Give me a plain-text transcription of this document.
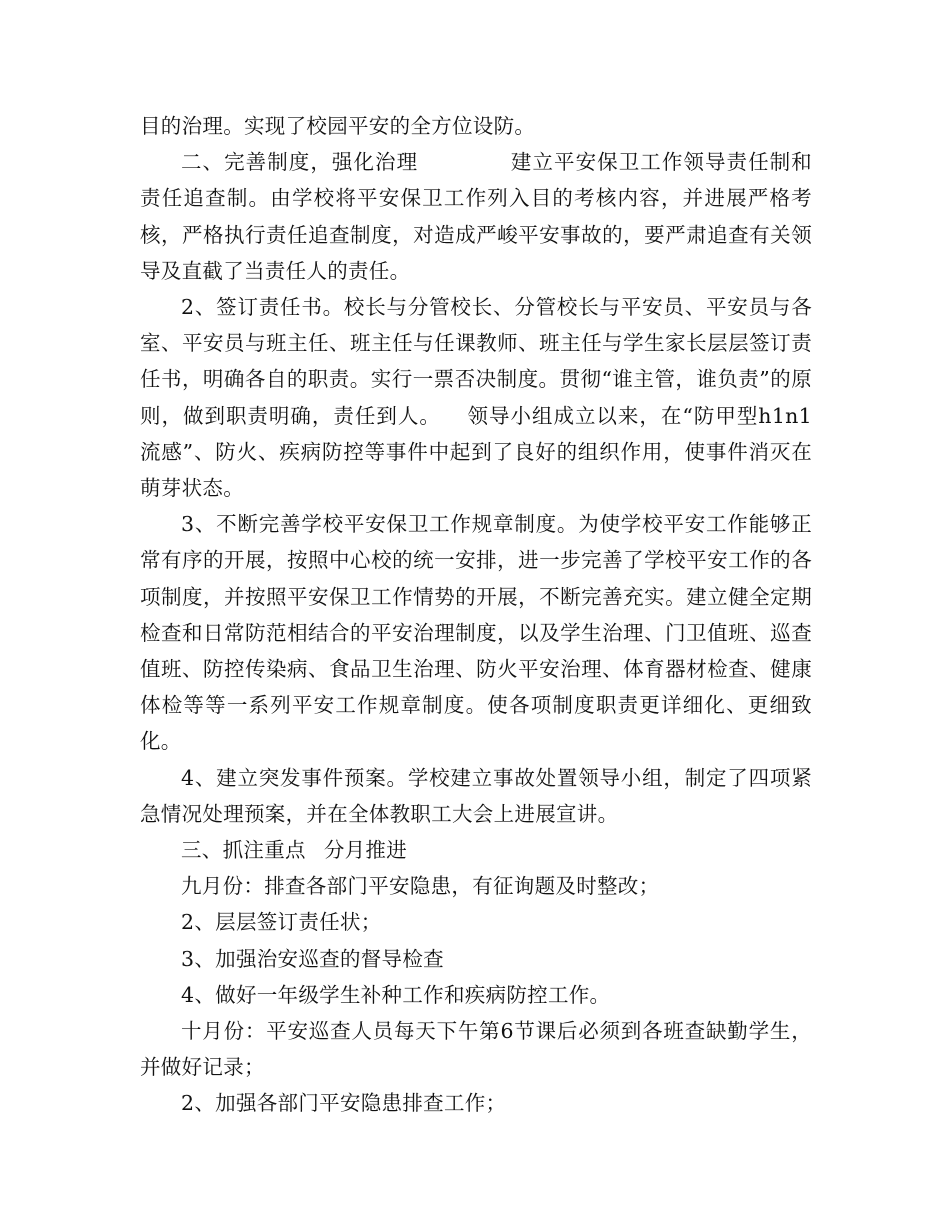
目的治理。实现了校园平安的全方位设防。

二、完善制度，强化治理	建立平安保卫工作领导责任制和责任追查制。由学校将平安保卫工作列入目的考核内容，并进展严格考核，严格执行责任追查制度，对造成严峻平安事故的，要严肃追查有关领导及直截了当责任人的责任。

2、签订责任书。校长与分管校长、分管校长与平安员、平安员与各室、平安员与班主任、班主任与任课教师、班主任与学生家长层层签订责任书，明确各自的职责。实行一票否决制度。贯彻“谁主管，谁负责”的原则，做到职责明确，责任到人。 领导小组成立以来，在“防甲型h1n1流感”、防火、疾病防控等事件中起到了良好的组织作用，使事件消灭在萌芽状态。

3、不断完善学校平安保卫工作规章制度。为使学校平安工作能够正常有序的开展，按照中心校的统一安排，进一步完善了学校平安工作的各项制度，并按照平安保卫工作情势的开展，不断完善充实。建立健全定期检查和日常防范相结合的平安治理制度，以及学生治理、门卫值班、巡查值班、防控传染病、食品卫生治理、防火平安治理、体育器材检查、健康体检等等一系列平安工作规章制度。使各项制度职责更详细化、更细致化。

4、建立突发事件预案。学校建立事故处置领导小组，制定了四项紧急情况处理预案，并在全体教职工大会上进展宣讲。

三、抓注重点 分月推进

九月份：排查各部门平安隐患，有征询题及时整改；

2、层层签订责任状；

3、加强治安巡查的督导检查

4、做好一年级学生补种工作和疾病防控工作。

十月份：平安巡查人员每天下午第6节课后必须到各班查缺勤学生，并做好记录；

2、加强各部门平安隐患排查工作；
